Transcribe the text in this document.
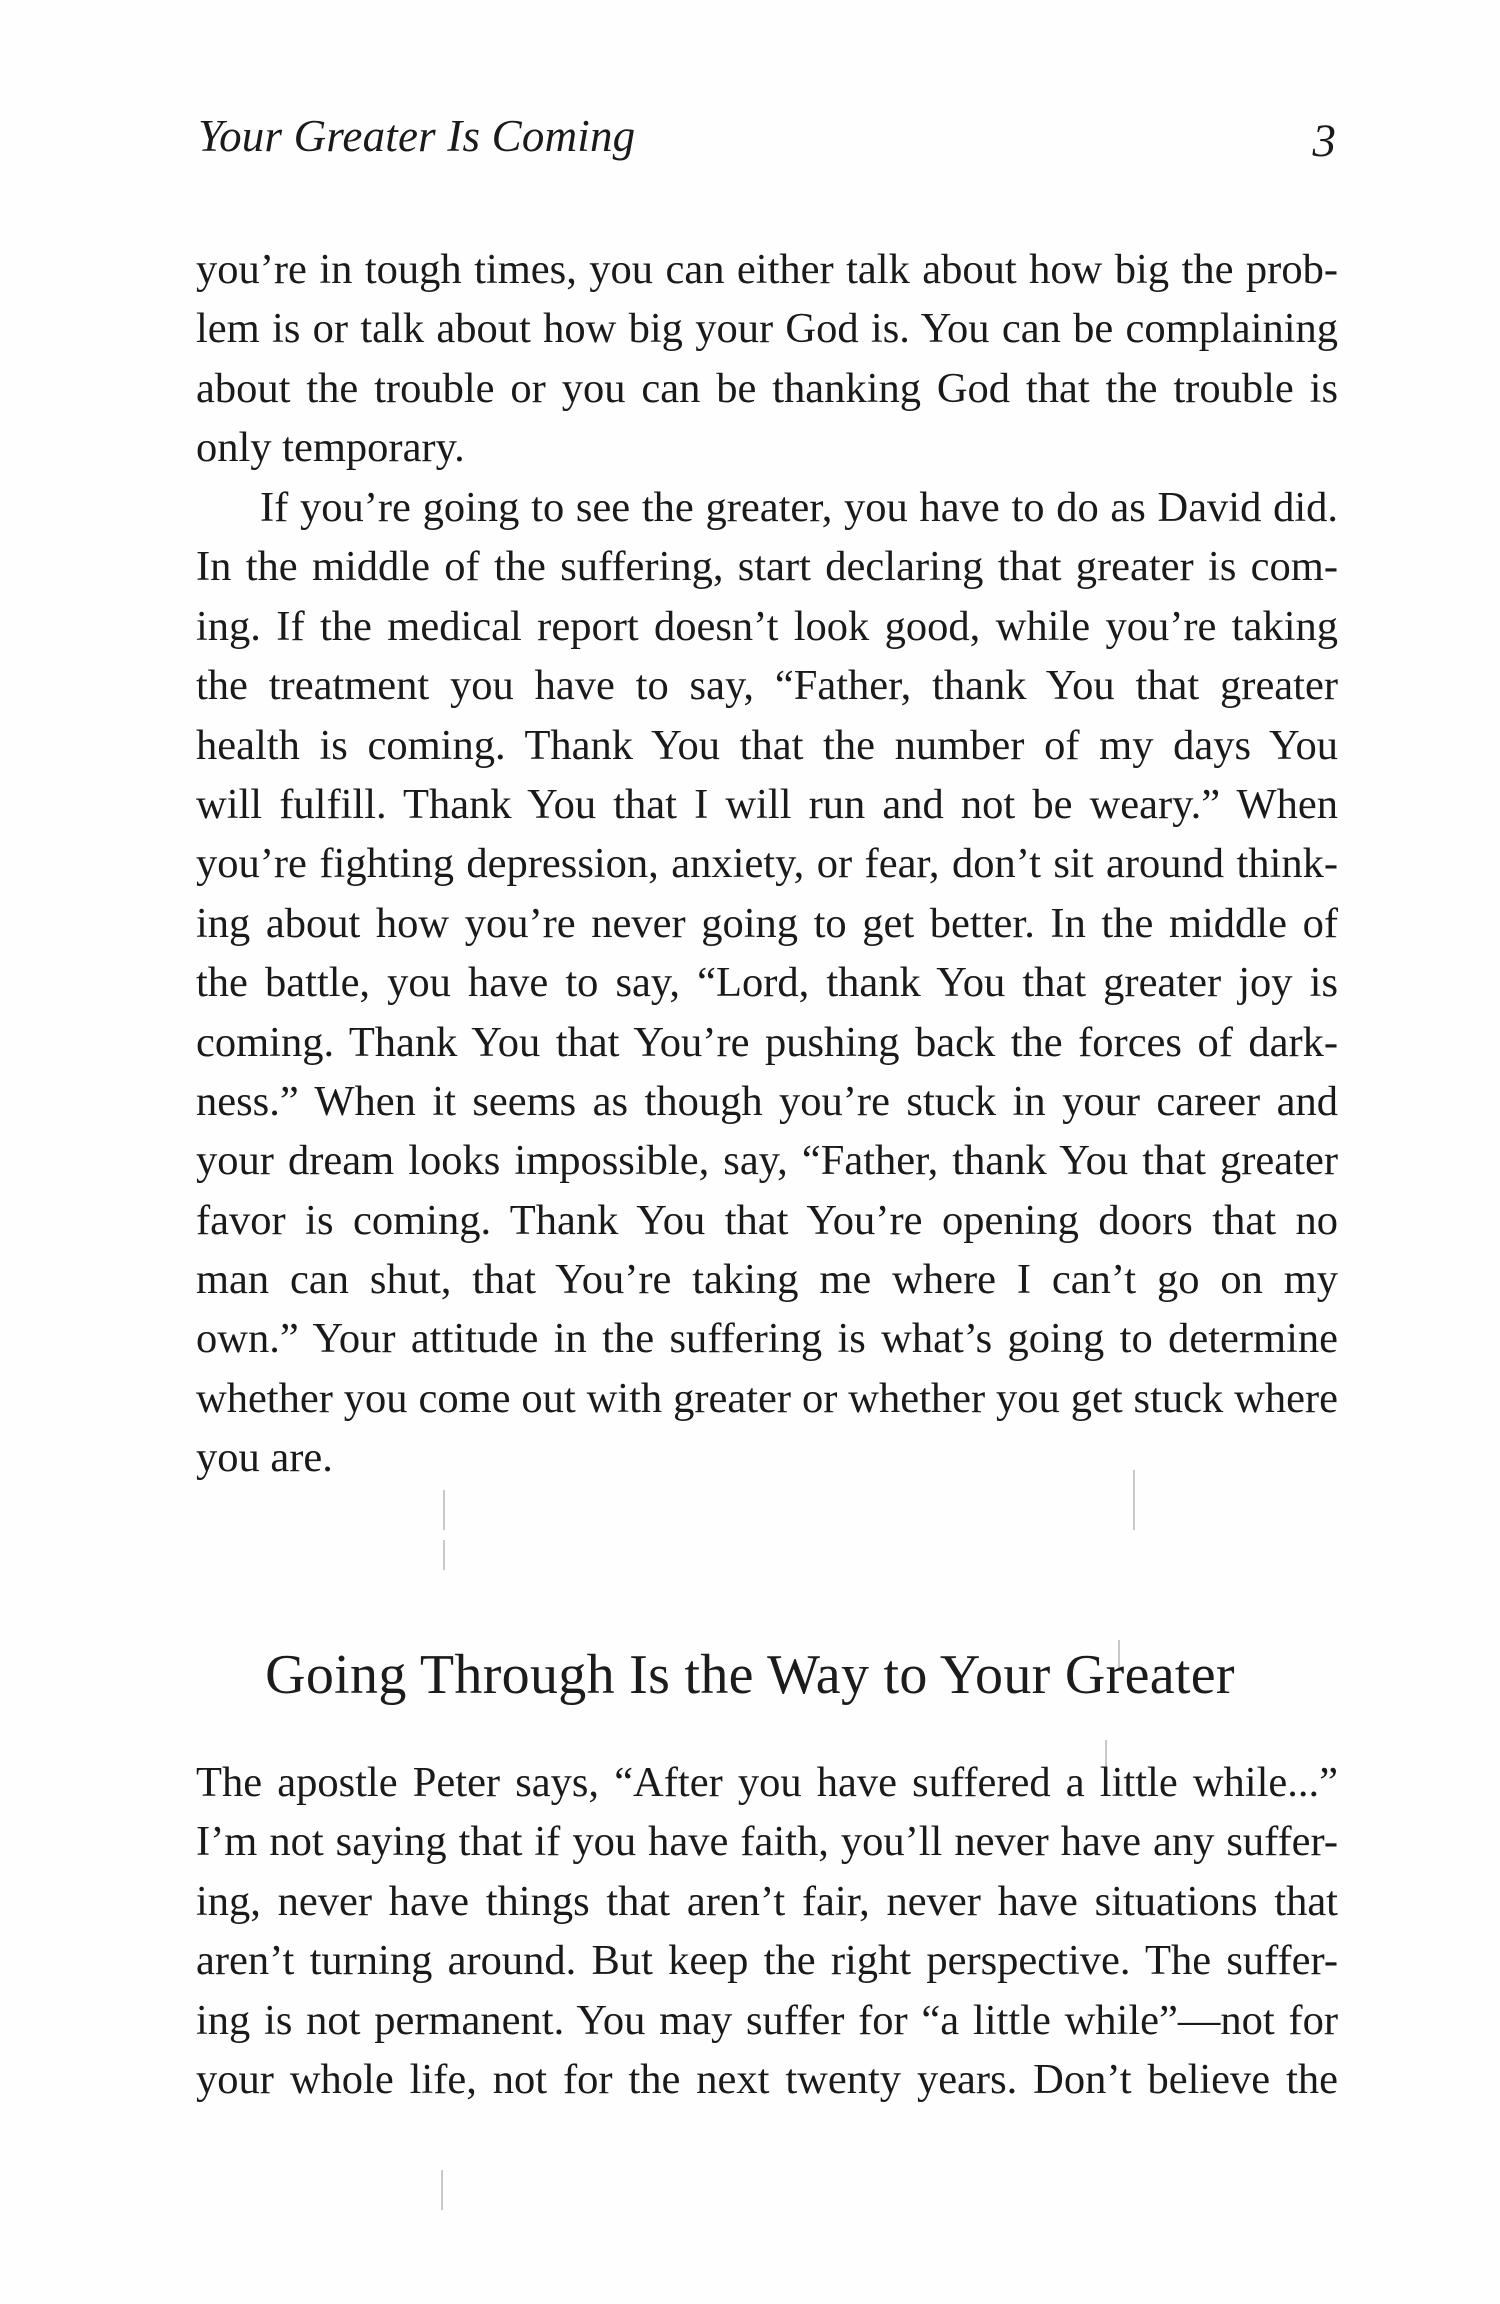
Your Greater Is Coming	3
you’re in tough times, you can either talk about how big the prob-
lem is or talk about how big your God is. You can be complaining
about the trouble or you can be thanking God that the trouble is
only temporary.
If you’re going to see the greater, you have to do as David did.
In the middle of the suffering, start declaring that greater is com-
ing. If the medical report doesn’t look good, while you’re taking
the treatment you have to say, “Father, thank You that greater
health is coming. Thank You that the number of my days You
will fulfill. Thank You that I will run and not be weary.” When
you’re fighting depression, anxiety, or fear, don’t sit around think-
ing about how you’re never going to get better. In the middle of
the battle, you have to say, “Lord, thank You that greater joy is
coming. Thank You that You’re pushing back the forces of dark-
ness.” When it seems as though you’re stuck in your career and
your dream looks impossible, say, “Father, thank You that greater
favor is coming. Thank You that You’re opening doors that no
man can shut, that You’re taking me where I can’t go on my
own.” Your attitude in the suffering is what’s going to determine
whether you come out with greater or whether you get stuck where
you are.
Going Through Is the Way to Your Greater
The apostle Peter says, “After you have suffered a little while...”
I’m not saying that if you have faith, you’ll never have any suffer-
ing, never have things that aren’t fair, never have situations that
aren’t turning around. But keep the right perspective. The suffer-
ing is not permanent. You may suffer for “a little while”—not for
your whole life, not for the next twenty years. Don’t believe the
